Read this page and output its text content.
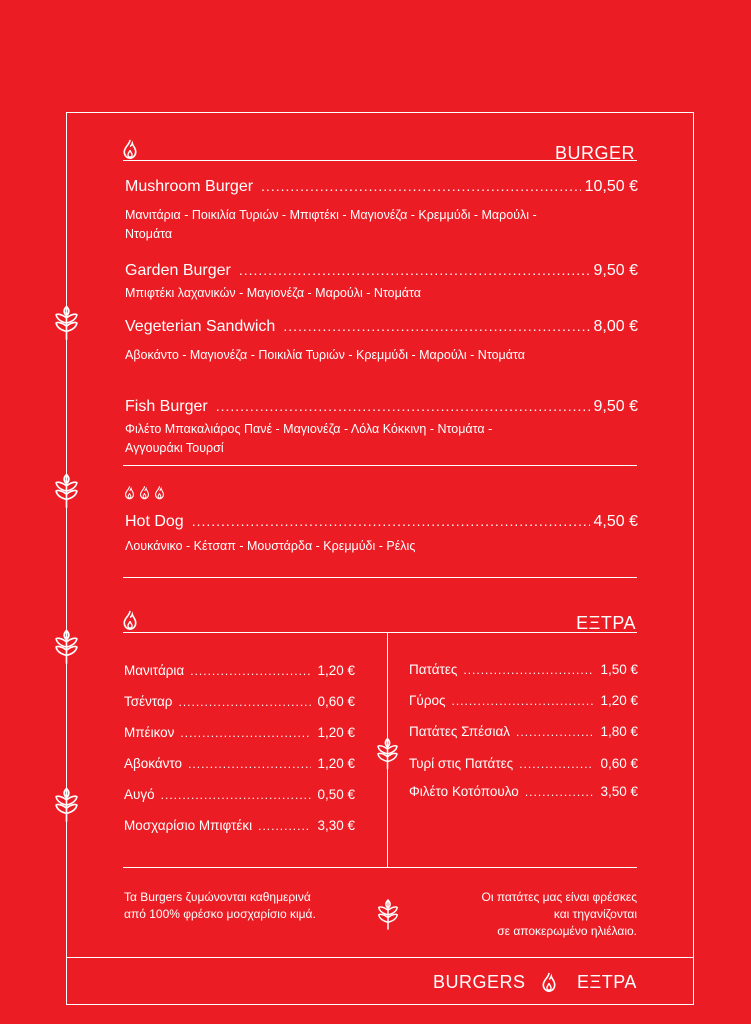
BURGER
Mushroom Burger .....	10,50 €
Μανιτάρια - Ποικιλία Τυριών - Μπιφτέκι - Μαγιονέζα - Κρεμμύδι - Μαρούλι - Ντομάτα
Garden Burger .....	9,50 €
Μπιφτέκι λαχανικών - Μαγιονέζα - Μαρούλι - Ντομάτα
Vegeterian Sandwich .....	8,00 €
Αβοκάντο - Μαγιονέζα - Ποικιλία Τυριών - Κρεμμύδι - Μαρούλι - Ντομάτα
Fish Burger .....	9,50 €
Φιλέτο Μπακαλιάρος Πανέ - Μαγιονέζα - Λόλα Κόκκινη - Ντομάτα - Αγγουράκι Τουρσί
Hot Dog .....	4,50 €
Λουκάνικο - Κέτσαπ - Μουστάρδα - Κρεμμύδι - Ρέλις
ΕΞΤΡΑ
Μανιτάρια .....	1,20 €
Τσένταρ .....	0,60 €
Μπέικον .....	1,20 €
Αβοκάντο .....	1,20 €
Αυγό .....	0,50 €
Μοσχαρίσιο Μπιφτέκι .....	3,30 €
Πατάτες .....	1,50 €
Γύρος .....	1,20 €
Πατάτες Σπέσιαλ .....	1,80 €
Τυρί στις Πατάτες .....	0,60 €
Φιλέτο Κοτόπουλο .....	3,50 €
Τα Burgers ζυμώνονται καθημερινά
από 100% φρέσκο μοσχαρίσιο κιμά.
Οι πατάτες μας είναι φρέσκες
και τηγανίζονται
σε αποκερωμένο ηλιέλαιο.
BURGERS	ΕΞΤΡΑ
